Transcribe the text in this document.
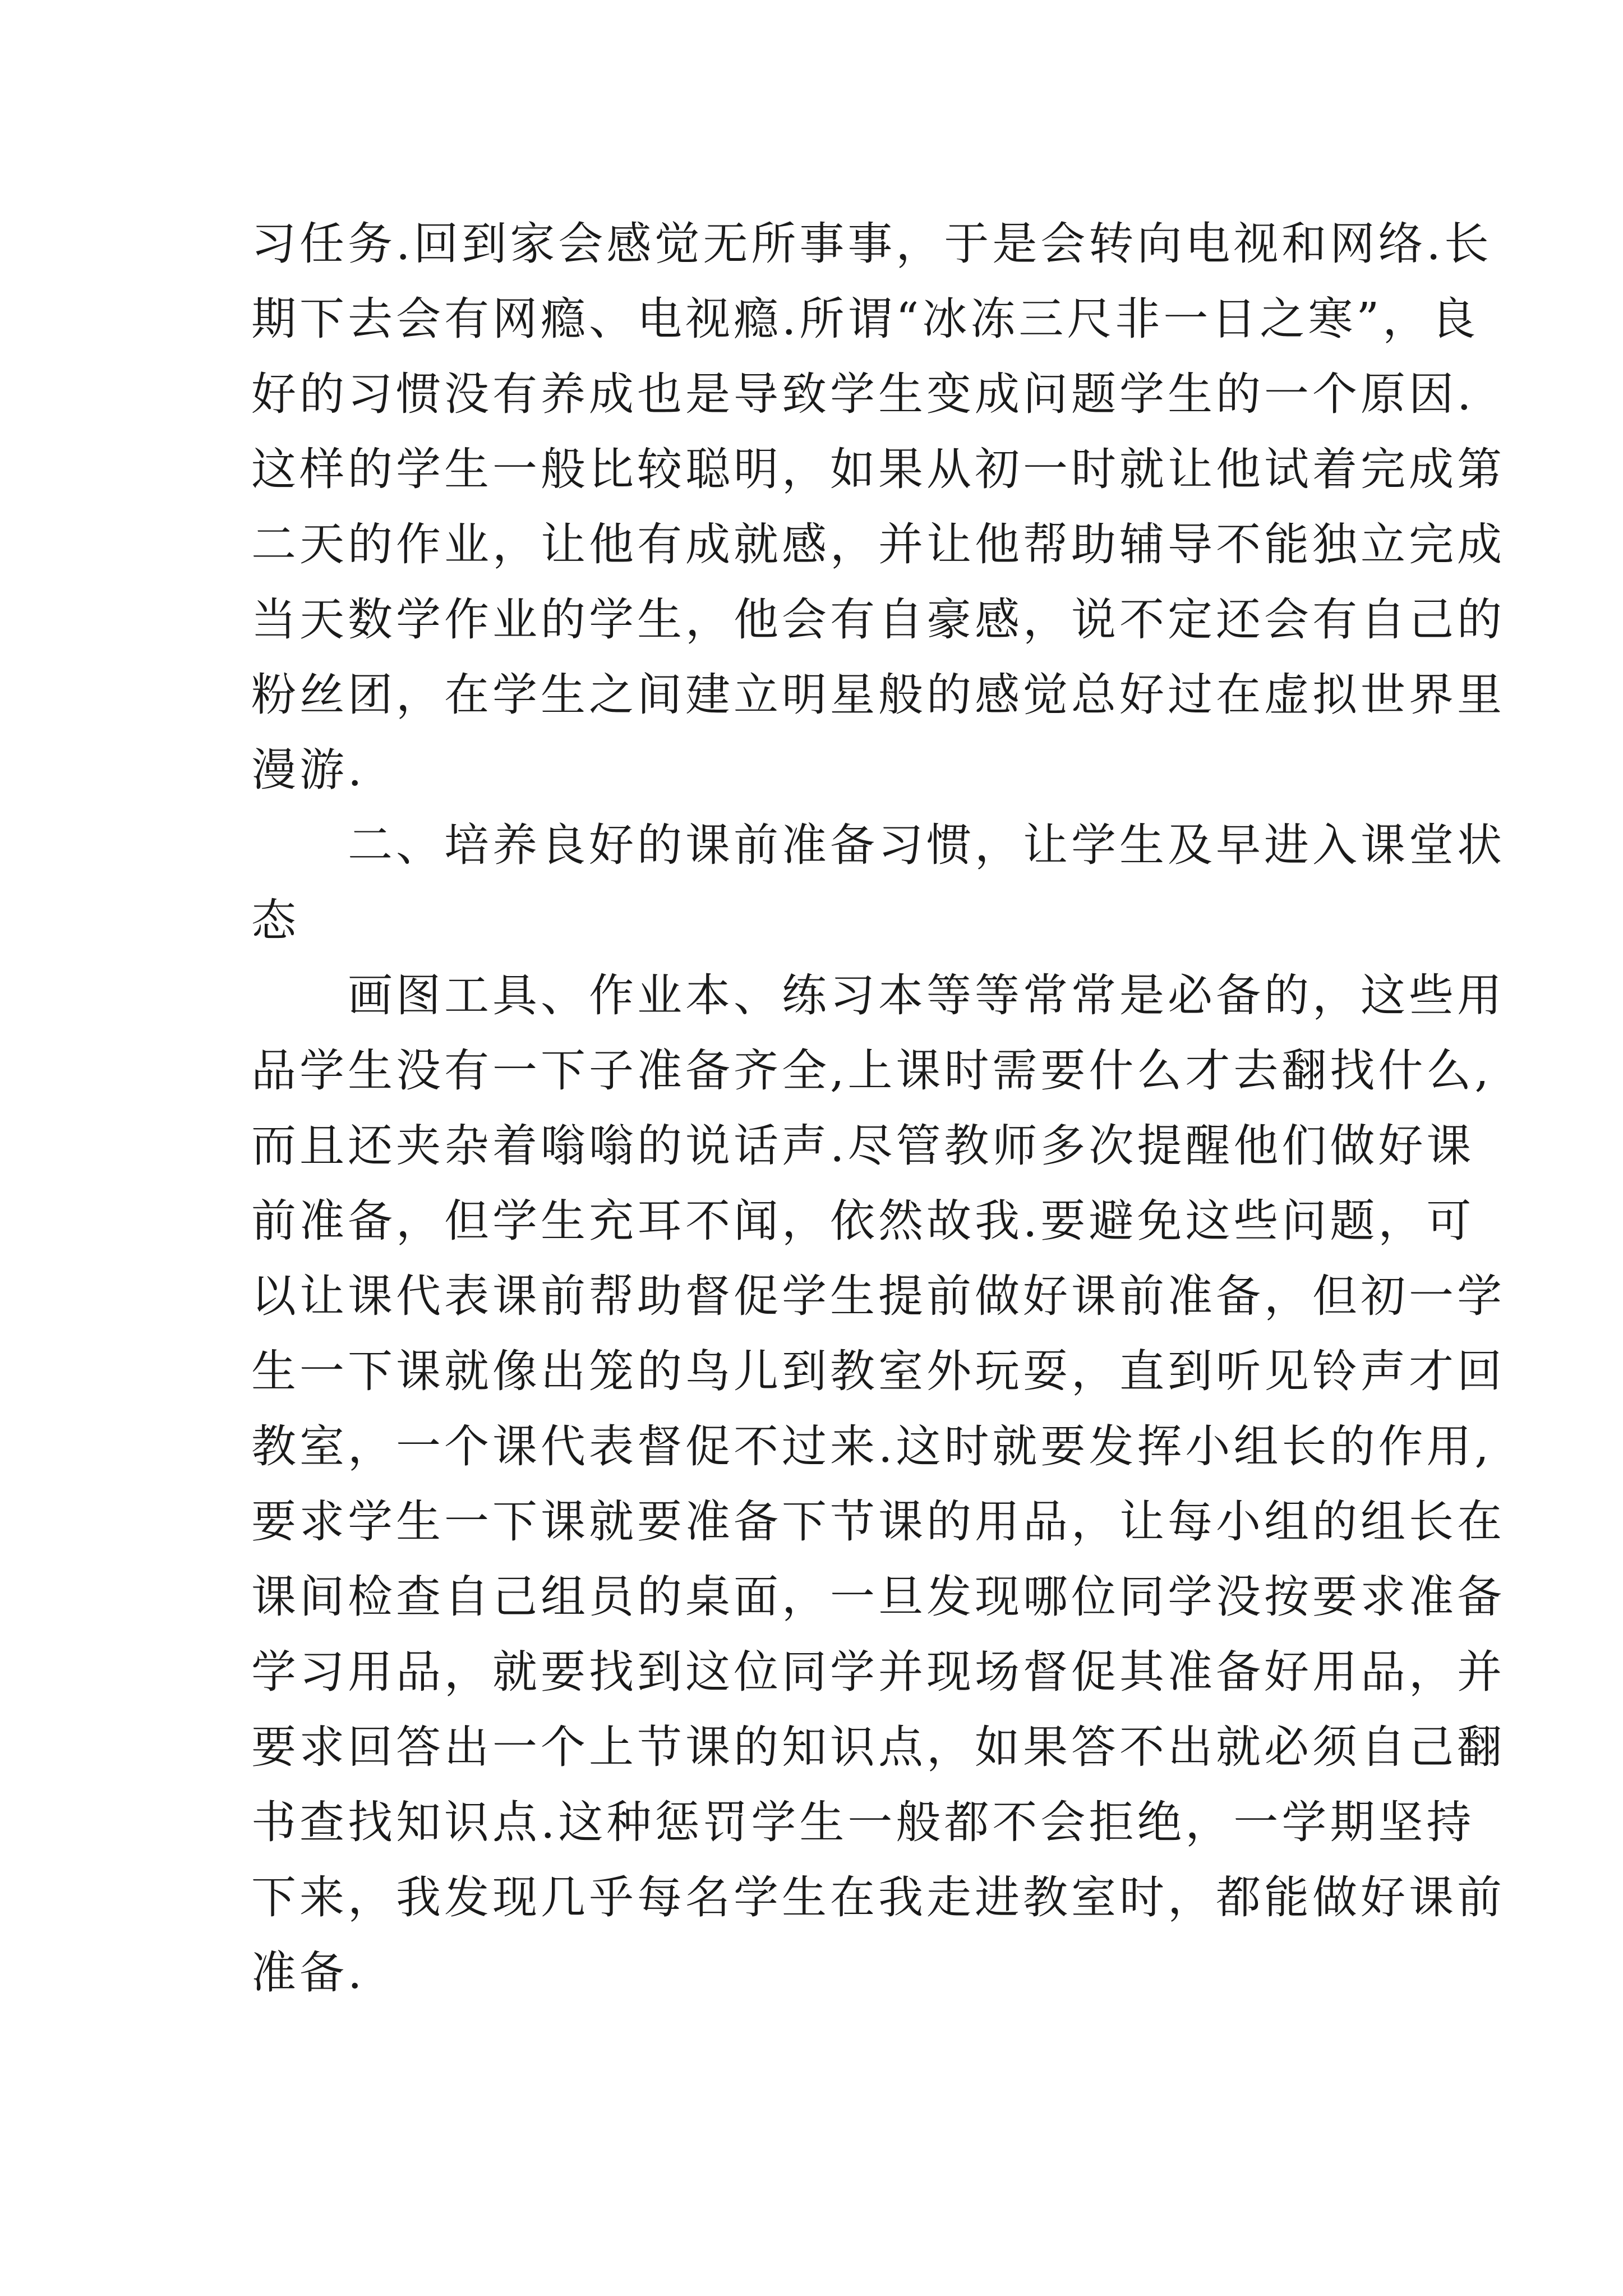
习任务.回到家会感觉无所事事，于是会转向电视和网络.长
期下去会有网瘾、电视瘾.所谓“冰冻三尺非一日之寒”，良
好的习惯没有养成也是导致学生变成问题学生的一个原因.
这样的学生一般比较聪明，如果从初一时就让他试着完成第
二天的作业，让他有成就感，并让他帮助辅导不能独立完成
当天数学作业的学生，他会有自豪感，说不定还会有自己的
粉丝团，在学生之间建立明星般的感觉总好过在虚拟世界里
漫游.
　　二、培养良好的课前准备习惯，让学生及早进入课堂状
态
　　画图工具、作业本、练习本等等常常是必备的，这些用
品学生没有一下子准备齐全,上课时需要什么才去翻找什么,
而且还夹杂着嗡嗡的说话声.尽管教师多次提醒他们做好课
前准备，但学生充耳不闻，依然故我.要避免这些问题，可
以让课代表课前帮助督促学生提前做好课前准备，但初一学
生一下课就像出笼的鸟儿到教室外玩耍，直到听见铃声才回
教室，一个课代表督促不过来.这时就要发挥小组长的作用,
要求学生一下课就要准备下节课的用品，让每小组的组长在
课间检查自己组员的桌面，一旦发现哪位同学没按要求准备
学习用品，就要找到这位同学并现场督促其准备好用品，并
要求回答出一个上节课的知识点，如果答不出就必须自己翻
书查找知识点.这种惩罚学生一般都不会拒绝，一学期坚持
下来，我发现几乎每名学生在我走进教室时，都能做好课前
准备.
